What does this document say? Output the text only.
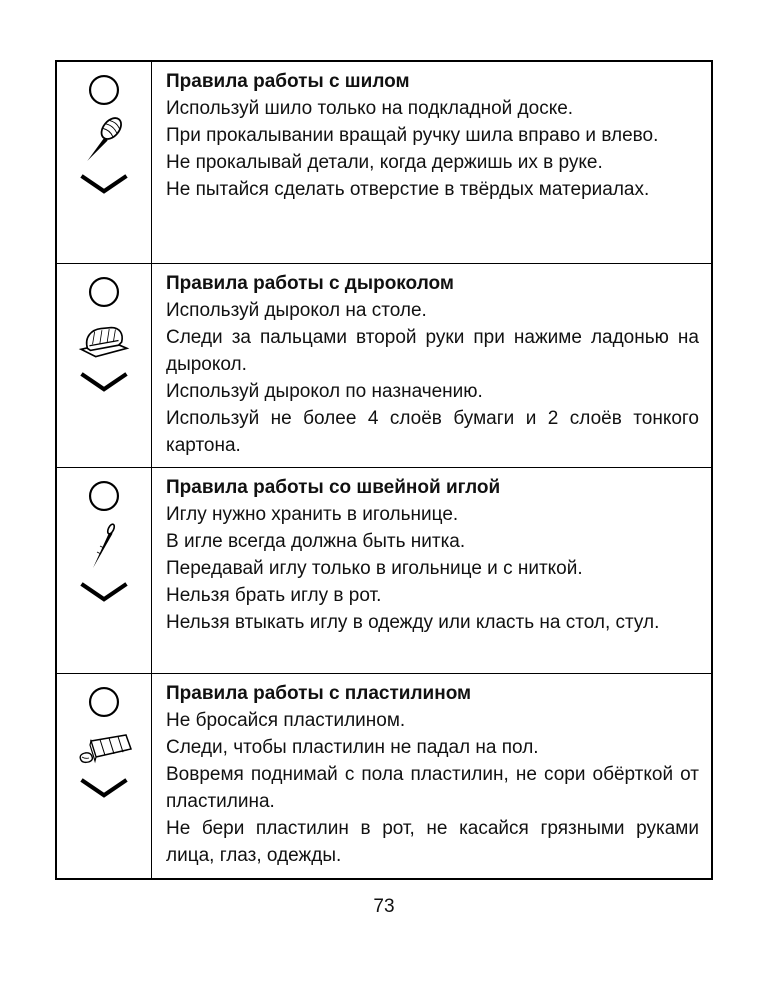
Правила работы с шилом

Используй шило только на подкладной доске.

При прокалывании вращай ручку шила вправо и влево.

Не прокалывай детали, когда держишь их в руке.

Не пытайся сделать отверстие в твёрдых материалах.

Правила работы с дыроколом

Используй дырокол на столе.

Следи за пальцами второй руки при нажиме ладонью на дырокол.

Используй дырокол по назначению.

Используй не более 4 слоёв бумаги и 2 слоёв тонкого картона.

Правила работы со швейной иглой

Иглу нужно хранить в игольнице.

В игле всегда должна быть нитка.

Передавай иглу только в игольнице и с ниткой.

Нельзя брать иглу в рот.

Нельзя втыкать иглу в одежду или класть на стол, стул.

Правила работы с пластилином

Не бросайся пластилином.

Следи, чтобы пластилин не падал на пол.

Вовремя поднимай с пола пластилин, не сори обёрткой от пластилина.

Не бери пластилин в рот, не касайся грязными руками лица, глаз, одежды.

73
